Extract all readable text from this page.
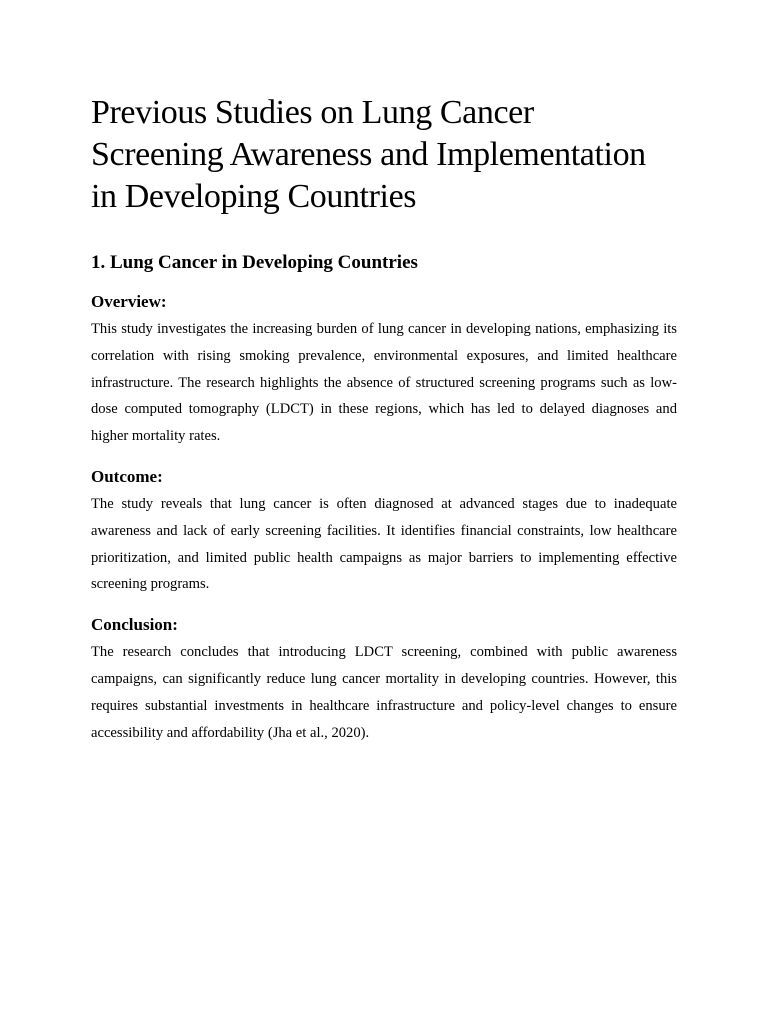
Previous Studies on Lung Cancer
Screening Awareness and Implementation
in Developing Countries
1. Lung Cancer in Developing Countries
Overview:

This study investigates the increasing burden of lung cancer in developing nations, emphasizing its correlation with rising smoking prevalence, environmental exposures, and limited healthcare infrastructure. The research highlights the absence of structured screening programs such as low-dose computed tomography (LDCT) in these regions, which has led to delayed diagnoses and higher mortality rates.

Outcome:

The study reveals that lung cancer is often diagnosed at advanced stages due to inadequate awareness and lack of early screening facilities. It identifies financial constraints, low healthcare prioritization, and limited public health campaigns as major barriers to implementing effective screening programs.

Conclusion:

The research concludes that introducing LDCT screening, combined with public awareness campaigns, can significantly reduce lung cancer mortality in developing countries. However, this requires substantial investments in healthcare infrastructure and policy-level changes to ensure accessibility and affordability (Jha et al., 2020).
